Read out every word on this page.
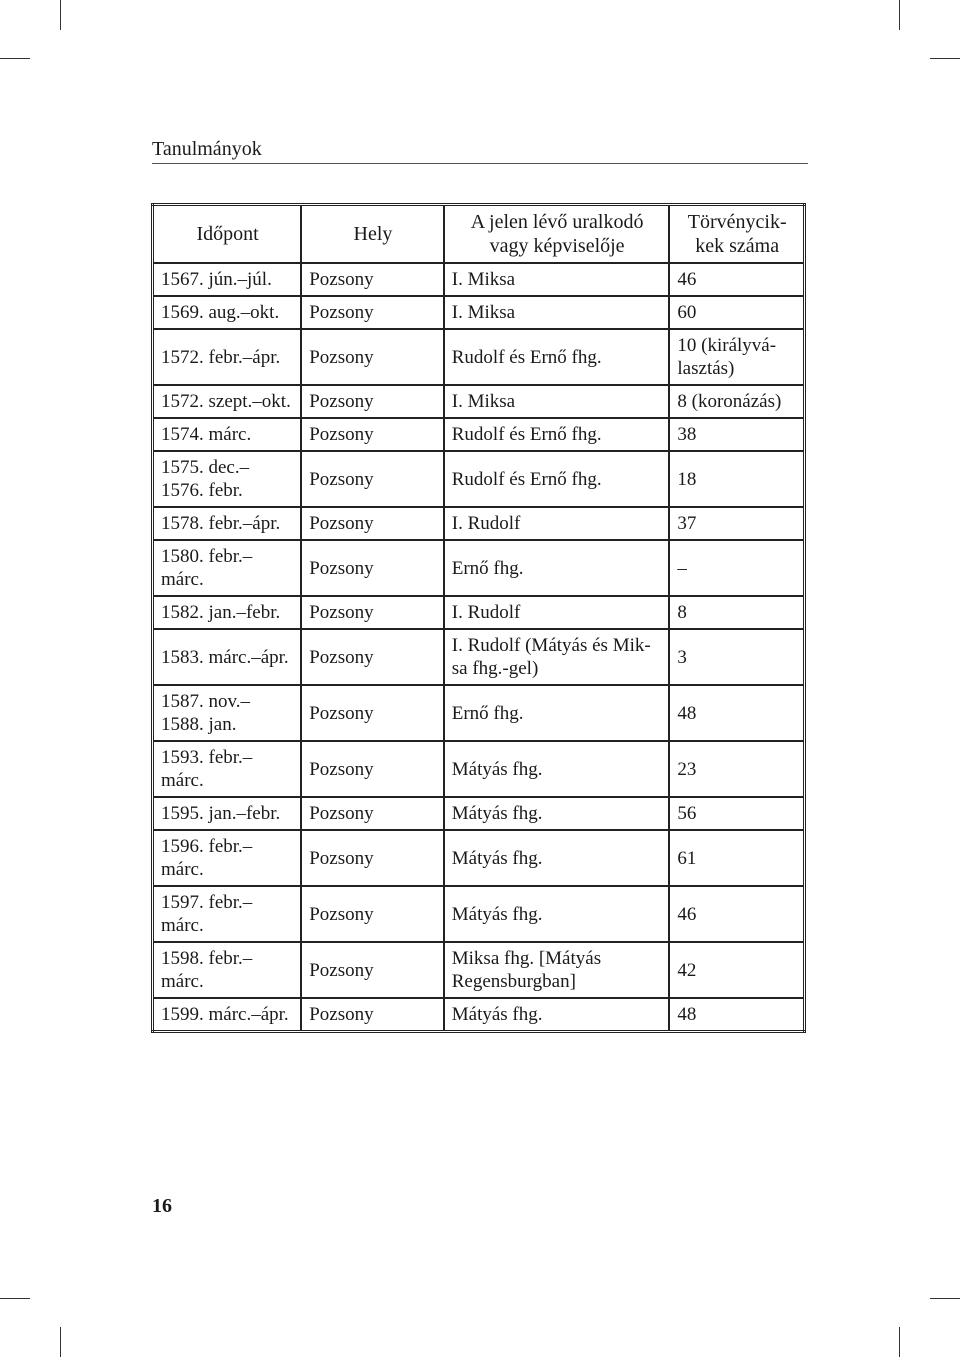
Tanulmányok
Időpont	Hely	A jelen lévő uralkodó vagy képviselője	Törvénycik-kek száma
1567. jún.–júl.	Pozsony	I. Miksa	46
1569. aug.–okt.	Pozsony	I. Miksa	60
1572. febr.–ápr.	Pozsony	Rudolf és Ernő fhg.	10 (királyvá-lasztás)
1572. szept.–okt.	Pozsony	I. Miksa	8 (koronázás)
1574. márc.	Pozsony	Rudolf és Ernő fhg.	38
1575. dec.– 1576. febr.	Pozsony	Rudolf és Ernő fhg.	18
1578. febr.–ápr.	Pozsony	I. Rudolf	37
1580. febr.– márc.	Pozsony	Ernő fhg.	–
1582. jan.–febr.	Pozsony	I. Rudolf	8
1583. márc.–ápr.	Pozsony	I. Rudolf (Mátyás és Mik-sa fhg.-gel)	3
1587. nov.– 1588. jan.	Pozsony	Ernő fhg.	48
1593. febr.– márc.	Pozsony	Mátyás fhg.	23
1595. jan.–febr.	Pozsony	Mátyás fhg.	56
1596. febr.– márc.	Pozsony	Mátyás fhg.	61
1597. febr.– márc.	Pozsony	Mátyás fhg.	46
1598. febr.– márc.	Pozsony	Miksa fhg. [Mátyás Regensburgban]	42
1599. márc.–ápr.	Pozsony	Mátyás fhg.	48
16
